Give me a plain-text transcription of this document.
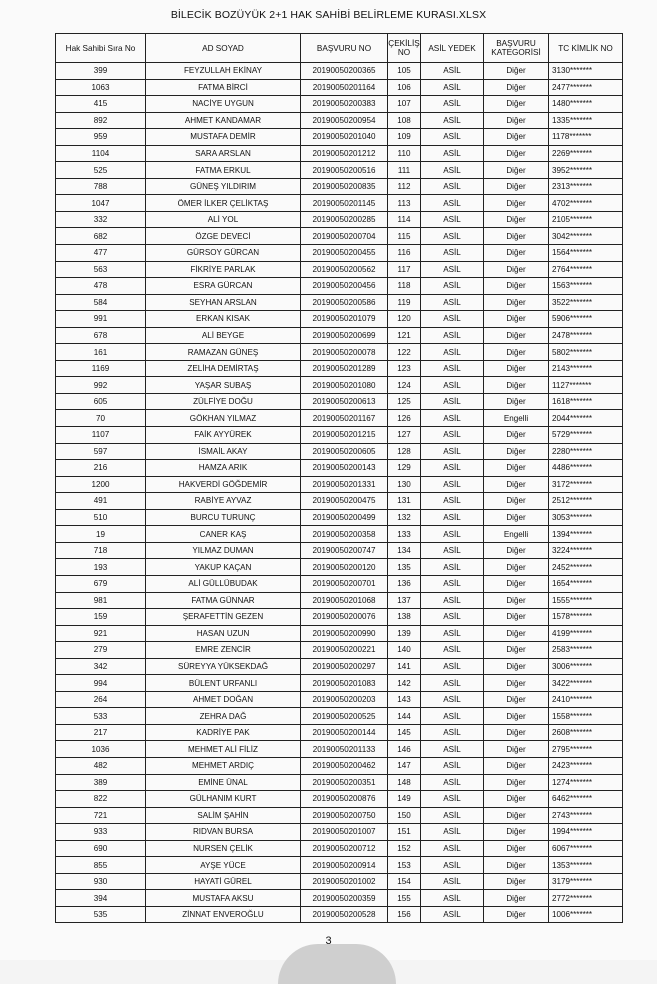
BİLECİK BOZÜYÜK 2+1 HAK SAHİBİ BELİRLEME KURASI.XLSX
Hak Sahibi Sıra No	AD SOYAD	BAŞVURU NO	ÇEKİLİŞ NO	ASİL YEDEK	BAŞVURU KATEGORİSİ	TC KİMLİK NO
399	FEYZULLAH EKİNAY	20190050200365	105	ASİL	Diğer	3130*******
1063	FATMA BİRCİ	20190050201164	106	ASİL	Diğer	2477*******
415	NACİYE UYGUN	20190050200383	107	ASİL	Diğer	1480*******
892	AHMET KANDAMAR	20190050200954	108	ASİL	Diğer	1335*******
959	MUSTAFA DEMİR	20190050201040	109	ASİL	Diğer	1178*******
1104	SARA ARSLAN	20190050201212	110	ASİL	Diğer	2269*******
525	FATMA ERKUL	20190050200516	111	ASİL	Diğer	3952*******
788	GÜNEŞ YILDIRIM	20190050200835	112	ASİL	Diğer	2313*******
1047	ÖMER İLKER ÇELİKTAŞ	20190050201145	113	ASİL	Diğer	4702*******
332	ALİ YOL	20190050200285	114	ASİL	Diğer	2105*******
682	ÖZGE DEVECİ	20190050200704	115	ASİL	Diğer	3042*******
477	GÜRSOY GÜRCAN	20190050200455	116	ASİL	Diğer	1564*******
563	FİKRİYE PARLAK	20190050200562	117	ASİL	Diğer	2764*******
478	ESRA GÜRCAN	20190050200456	118	ASİL	Diğer	1563*******
584	SEYHAN ARSLAN	20190050200586	119	ASİL	Diğer	3522*******
991	ERKAN KISAK	20190050201079	120	ASİL	Diğer	5906*******
678	ALİ BEYGE	20190050200699	121	ASİL	Diğer	2478*******
161	RAMAZAN GÜNEŞ	20190050200078	122	ASİL	Diğer	5802*******
1169	ZELİHA DEMİRTAŞ	20190050201289	123	ASİL	Diğer	2143*******
992	YAŞAR SUBAŞ	20190050201080	124	ASİL	Diğer	1127*******
605	ZÜLFİYE DOĞU	20190050200613	125	ASİL	Diğer	1618*******
70	GÖKHAN YILMAZ	20190050201167	126	ASİL	Engelli	2044*******
1107	FAİK AYYÜREK	20190050201215	127	ASİL	Diğer	5729*******
597	İSMAİL AKAY	20190050200605	128	ASİL	Diğer	2280*******
216	HAMZA ARIK	20190050200143	129	ASİL	Diğer	4486*******
1200	HAKVERDİ GÖĞDEMİR	20190050201331	130	ASİL	Diğer	3172*******
491	RABİYE AYVAZ	20190050200475	131	ASİL	Diğer	2512*******
510	BURCU TURUNÇ	20190050200499	132	ASİL	Diğer	3053*******
19	CANER KAŞ	20190050200358	133	ASİL	Engelli	1394*******
718	YILMAZ DUMAN	20190050200747	134	ASİL	Diğer	3224*******
193	YAKUP KAÇAN	20190050200120	135	ASİL	Diğer	2452*******
679	ALİ GÜLLÜBUDAK	20190050200701	136	ASİL	Diğer	1654*******
981	FATMA GÜNNAR	20190050201068	137	ASİL	Diğer	1555*******
159	ŞERAFETTİN GEZEN	20190050200076	138	ASİL	Diğer	1578*******
921	HASAN UZUN	20190050200990	139	ASİL	Diğer	4199*******
279	EMRE ZENCİR	20190050200221	140	ASİL	Diğer	2583*******
342	SÜREYYA YÜKSEKDAĞ	20190050200297	141	ASİL	Diğer	3006*******
994	BÜLENT URFANLI	20190050201083	142	ASİL	Diğer	3422*******
264	AHMET DOĞAN	20190050200203	143	ASİL	Diğer	2410*******
533	ZEHRA DAĞ	20190050200525	144	ASİL	Diğer	1558*******
217	KADRİYE PAK	20190050200144	145	ASİL	Diğer	2608*******
1036	MEHMET ALİ FİLİZ	20190050201133	146	ASİL	Diğer	2795*******
482	MEHMET ARDIÇ	20190050200462	147	ASİL	Diğer	2423*******
389	EMİNE ÜNAL	20190050200351	148	ASİL	Diğer	1274*******
822	GÜLHANIM KURT	20190050200876	149	ASİL	Diğer	6462*******
721	SALİM ŞAHİN	20190050200750	150	ASİL	Diğer	2743*******
933	RIDVAN BURSA	20190050201007	151	ASİL	Diğer	1994*******
690	NURSEN ÇELİK	20190050200712	152	ASİL	Diğer	6067*******
855	AYŞE YÜCE	20190050200914	153	ASİL	Diğer	1353*******
930	HAYATİ GÜREL	20190050201002	154	ASİL	Diğer	3179*******
394	MUSTAFA AKSU	20190050200359	155	ASİL	Diğer	2772*******
535	ZİNNAT ENVEROĞLU	20190050200528	156	ASİL	Diğer	1006*******
3
